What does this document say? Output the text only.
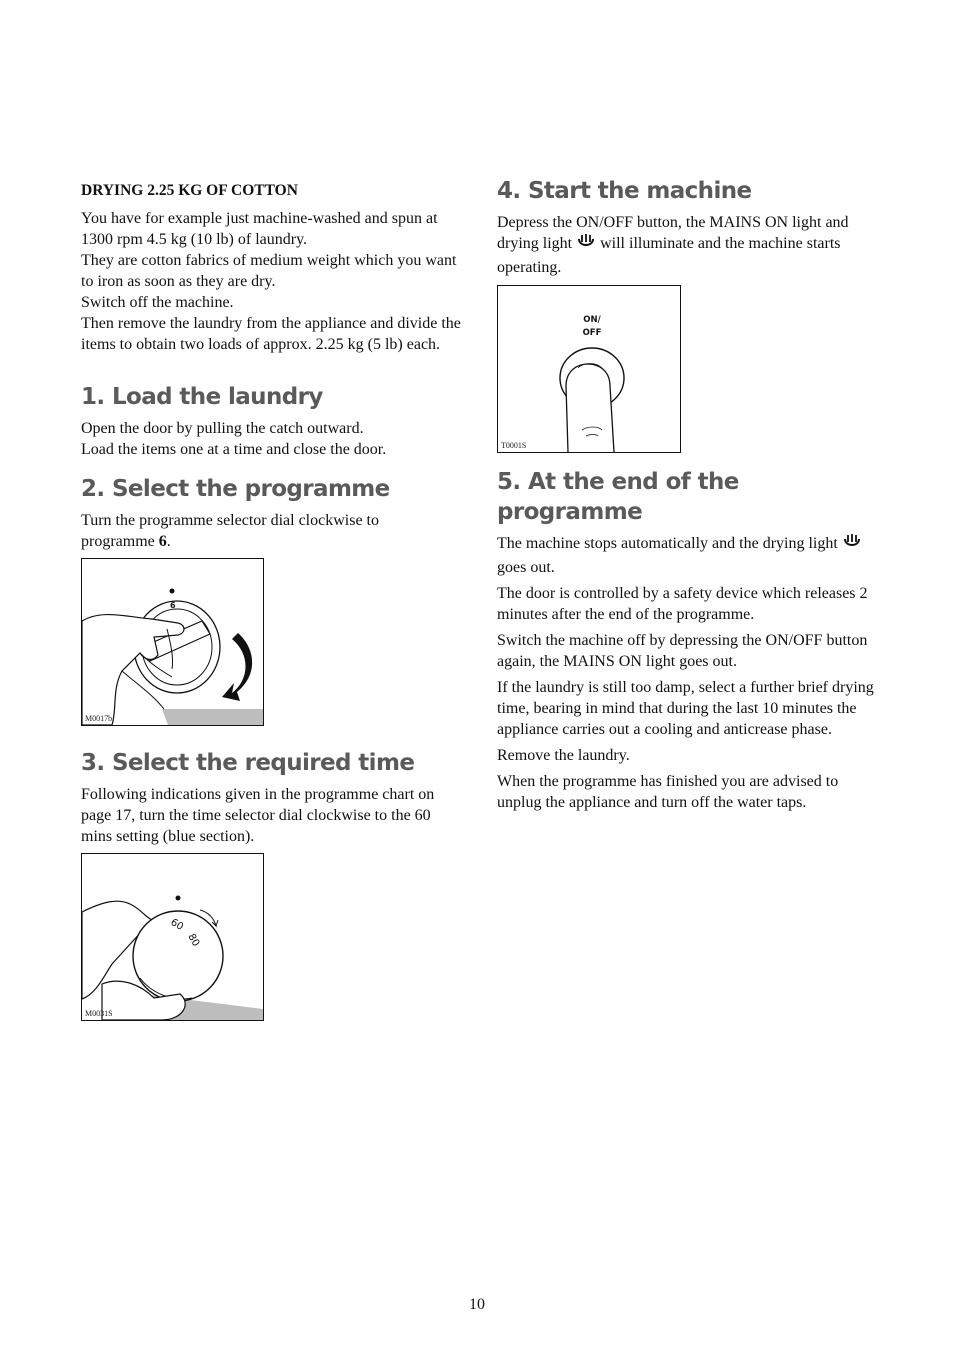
DRYING 2.25 KG OF COTTON

You have for example just machine-washed and spun at 1300 rpm 4.5 kg (10 lb) of laundry.

They are cotton fabrics of medium weight which you want to iron as soon as they are dry.

Switch off the machine.

Then remove the laundry from the appliance and divide the items to obtain two loads of approx. 2.25 kg (5 lb) each.

1. Load the laundry

Open the door by pulling the catch outward.

Load the items one at a time and close the door.

2. Select the programme

Turn the programme selector dial clockwise to programme 6.

6
M0017b
3. Select the required time

Following indications given in the programme chart on page 17, turn the time selector dial clockwise to the 60 mins setting (blue section).

60
80
M0031S
4. Start the machine

Depress the ON/OFF button, the MAINS ON light and drying light  will illuminate and the machine starts operating.

ON/
OFF
T0001S
5. At the end of the programme

The machine stops automatically and the drying light  goes out.

The door is controlled by a safety device which releases 2 minutes after the end of the programme.

Switch the machine off by depressing the ON/OFF button again, the MAINS ON light goes out.

If the laundry is still too damp, select a further brief drying time, bearing in mind that during the last 10 minutes the appliance carries out a cooling and anticrease phase.

Remove the laundry.

When the programme has finished you are advised to unplug the appliance and turn off the water taps.

10
